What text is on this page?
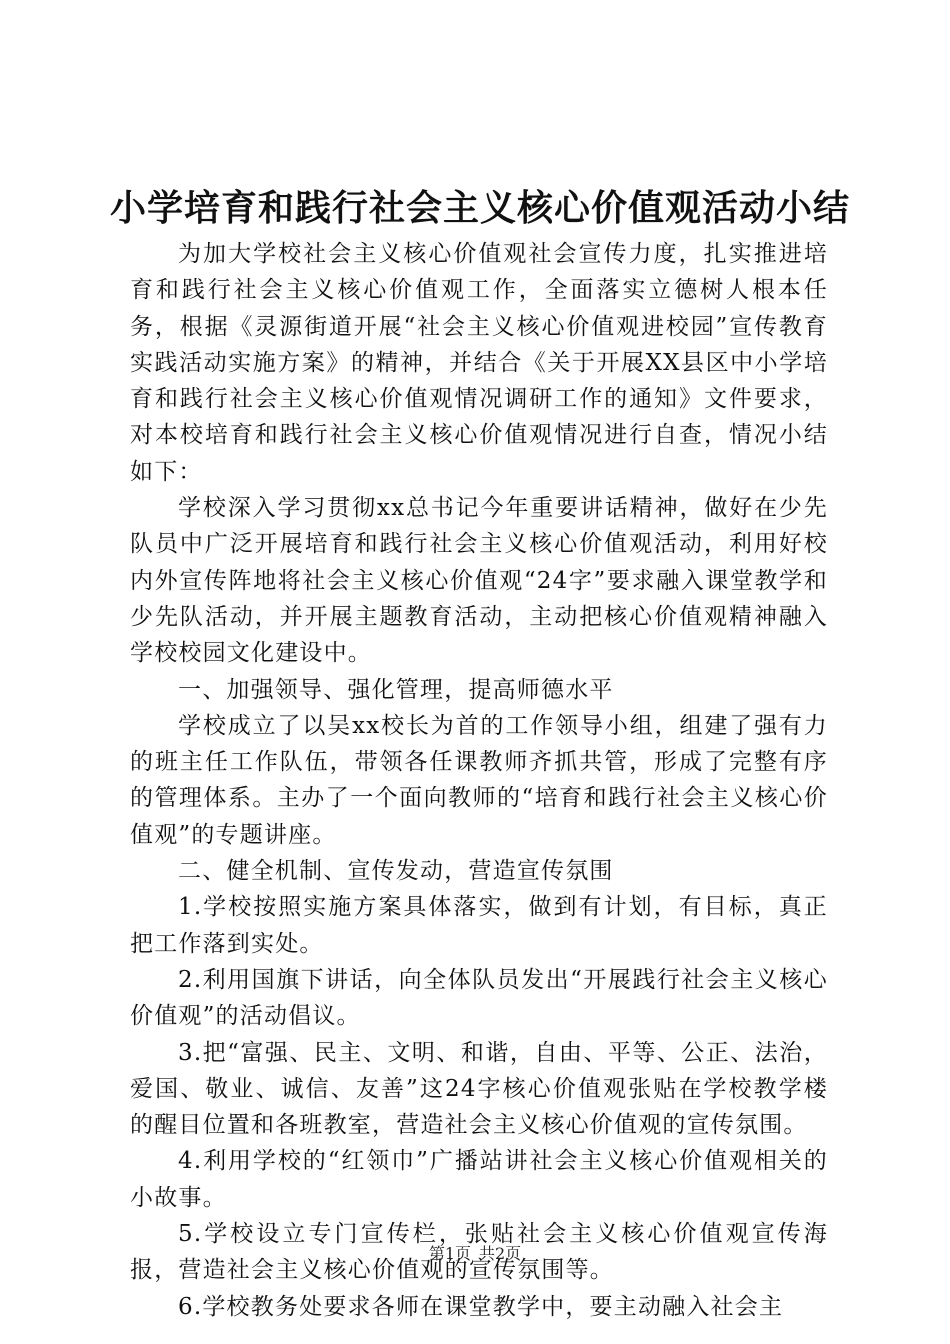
小学培育和践行社会主义核心价值观活动小结

为加大学校社会主义核心价值观社会宣传力度，扎实推进培育和践行社会主义核心价值观工作，全面落实立德树人根本任务，根据《灵源街道开展“社会主义核心价值观进校园”宣传教育实践活动实施方案》的精神，并结合《关于开展XX县区中小学培育和践行社会主义核心价值观情况调研工作的通知》文件要求，对本校培育和践行社会主义核心价值观情况进行自查，情况小结如下：

学校深入学习贯彻xx总书记今年重要讲话精神，做好在少先队员中广泛开展培育和践行社会主义核心价值观活动，利用好校内外宣传阵地将社会主义核心价值观“24字”要求融入课堂教学和少先队活动，并开展主题教育活动，主动把核心价值观精神融入学校校园文化建设中。

一、加强领导、强化管理，提高师德水平

学校成立了以吴xx校长为首的工作领导小组，组建了强有力的班主任工作队伍，带领各任课教师齐抓共管，形成了完整有序的管理体系。主办了一个面向教师的“培育和践行社会主义核心价值观”的专题讲座。

二、健全机制、宣传发动，营造宣传氛围

1.学校按照实施方案具体落实，做到有计划，有目标，真正把工作落到实处。

2.利用国旗下讲话，向全体队员发出“开展践行社会主义核心价值观”的活动倡议。

3.把“富强、民主、文明、和谐，自由、平等、公正、法治，爱国、敬业、诚信、友善”这24字核心价值观张贴在学校教学楼的醒目位置和各班教室，营造社会主义核心价值观的宣传氛围。

4.利用学校的“红领巾”广播站讲社会主义核心价值观相关的小故事。

5.学校设立专门宣传栏，张贴社会主义核心价值观宣传海报，营造社会主义核心价值观的宣传氛围等。

6.学校教务处要求各师在课堂教学中，要主动融入社会主

第1页 共2页
